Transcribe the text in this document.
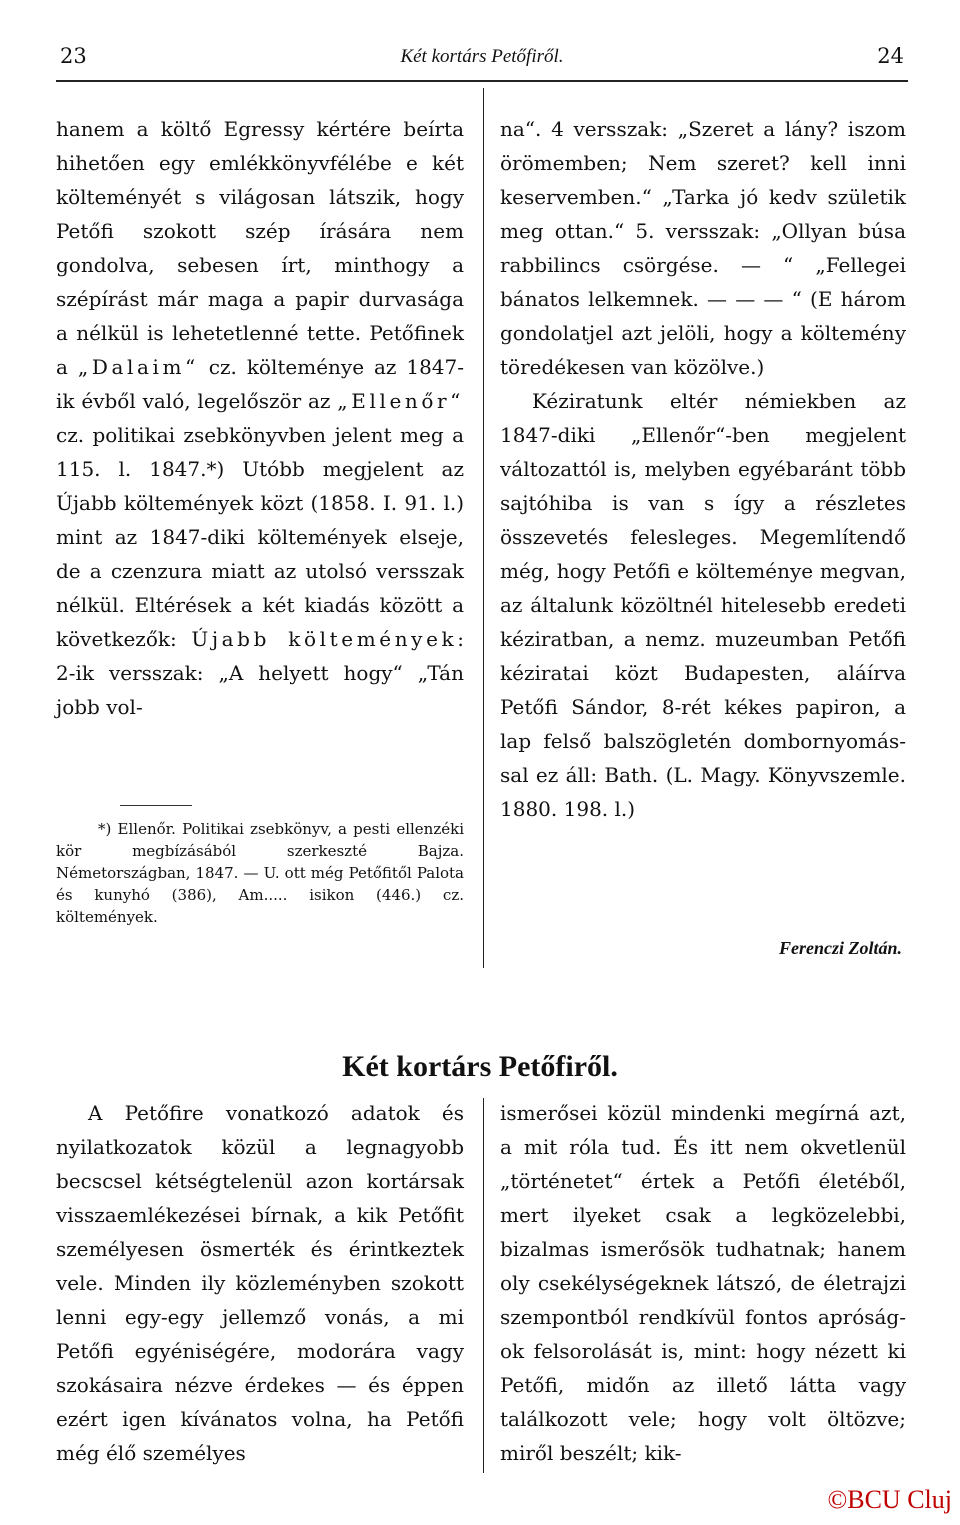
23	Két kortárs Petőfiről.	24

hanem a költő Egressy kértére beírta hihetően egy emlékkönyvfélébe e két költeményét s világosan látszik, hogy Petőfi szokott szép írására nem gondolva, sebesen írt, minthogy a szépírást már maga a papir durvasága a nélkül is lehetetlenné tette. Petőfinek a „Dalaim“ cz. költeménye az 1847-ik évből való, legelőször az „Ellenőr“ cz. politikai zsebkönyvben jelent meg a 115. l. 1847.*) Utóbb megjelent az Újabb költemények közt (1858. I. 91. l.) mint az 1847-diki költemények elseje, de a czenzura miatt az utolsó versszak nélkül. Eltérések a két kiadás között a következők: Újabb költemények: 2-ik versszak: „A helyett hogy“ „Tán jobb vol-

*) Ellenőr. Politikai zsebkönyv, a pesti ellenzéki kör megbízásából szerkeszté Bajza. Németországban, 1847. — U. ott még Petőfitől Palota és kunyhó (386), Am..... isikon (446.) cz. költemények.

na“. 4 versszak: „Szeret a lány? iszom örömemben; Nem szeret? kell inni keservemben.“ „Tarka jó kedv születik meg ottan.“ 5. versszak: „Ollyan búsa rabbilincs csörgése. — “ „Fellegei bánatos lelkemnek. — — — “ (E három gondolatjel azt jelöli, hogy a költemény töredékesen van közölve.)

Kéziratunk eltér némiekben az 1847-diki „Ellenőr“-ben megjelent változattól is, melyben egyébaránt több sajtóhiba is van s így a részletes összevetés felesleges. Megemlítendő még, hogy Petőfi e költeménye megvan, az általunk közöltnél hitelesebb eredeti kéziratban, a nemz. muzeumban Petőfi kéziratai közt Budapesten, aláírva Petőfi Sándor, 8-rét kékes papiron, a lap felső balszögletén dombornyomással ez áll: Bath. (L. Magy. Könyvszemle. 1880. 198. l.)

Ferenczi Zoltán.
Két kortárs Petőfiről.

A Petőfire vonatkozó adatok és nyilatkozatok közül a legnagyobb becscsel kétségtelenül azon kortársak visszaemlékezései bírnak, a kik Petőfit személyesen ösmerték és érintkeztek vele. Minden ily közleményben szokott lenni egy-egy jellemző vonás, a mi Petőfi egyéniségére, modorára vagy szokásaira nézve érdekes — és éppen ezért igen kívánatos volna, ha Petőfi még élő személyes

ismerősei közül mindenki megírná azt, a mit róla tud. És itt nem okvetlenül „történetet“ értek a Petőfi életéből, mert ilyeket csak a legközelebbi, bizalmas ismerősök tudhatnak; hanem oly csekélységeknek látszó, de életrajzi szempontból rendkívül fontos apróságok felsorolását is, mint: hogy nézett ki Petőfi, midőn az illető látta vagy találkozott vele; hogy volt öltözve; miről beszélt; kik-

©BCU Cluj
